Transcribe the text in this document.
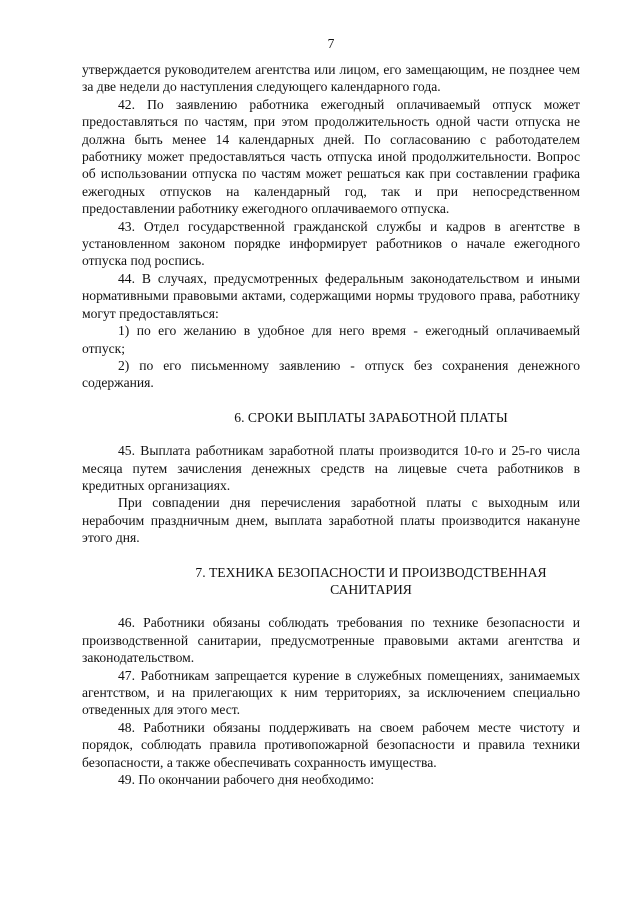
7

утверждается руководителем агентства или лицом, его замещающим, не позднее чем за две недели до наступления следующего календарного года.

42. По заявлению работника ежегодный оплачиваемый отпуск может предоставляться по частям, при этом продолжительность одной части отпуска не должна быть менее 14 календарных дней. По согласованию с работодателем работнику может предоставляться часть отпуска иной продолжительности. Вопрос об использовании отпуска по частям может решаться как при составлении графика ежегодных отпусков на календарный год, так и при непосредственном предоставлении работнику ежегодного оплачиваемого отпуска.

43. Отдел государственной гражданской службы и кадров в агентстве в установленном законом порядке информирует работников о начале ежегодного отпуска под роспись.

44. В случаях, предусмотренных федеральным законодательством и иными нормативными правовыми актами, содержащими нормы трудового права, работнику могут предоставляться:

1) по его желанию в удобное для него время - ежегодный оплачиваемый отпуск;

2) по его письменному заявлению - отпуск без сохранения денежного содержания.

6. СРОКИ ВЫПЛАТЫ ЗАРАБОТНОЙ ПЛАТЫ

45. Выплата работникам заработной платы производится 10-го и 25-го числа месяца путем зачисления денежных средств на лицевые счета работников в кредитных организациях.

При совпадении дня перечисления заработной платы с выходным или нерабочим праздничным днем, выплата заработной платы производится накануне этого дня.

7. ТЕХНИКА БЕЗОПАСНОСТИ И ПРОИЗВОДСТВЕННАЯ

САНИТАРИЯ

46. Работники обязаны соблюдать требования по технике безопасности и производственной санитарии, предусмотренные правовыми актами агентства и законодательством.

47. Работникам запрещается курение в служебных помещениях, занимаемых агентством, и на прилегающих к ним территориях, за исключением специально отведенных для этого мест.

48. Работники обязаны поддерживать на своем рабочем месте чистоту и порядок, соблюдать правила противопожарной безопасности и правила техники безопасности, а также обеспечивать сохранность имущества.

49. По окончании рабочего дня необходимо:
